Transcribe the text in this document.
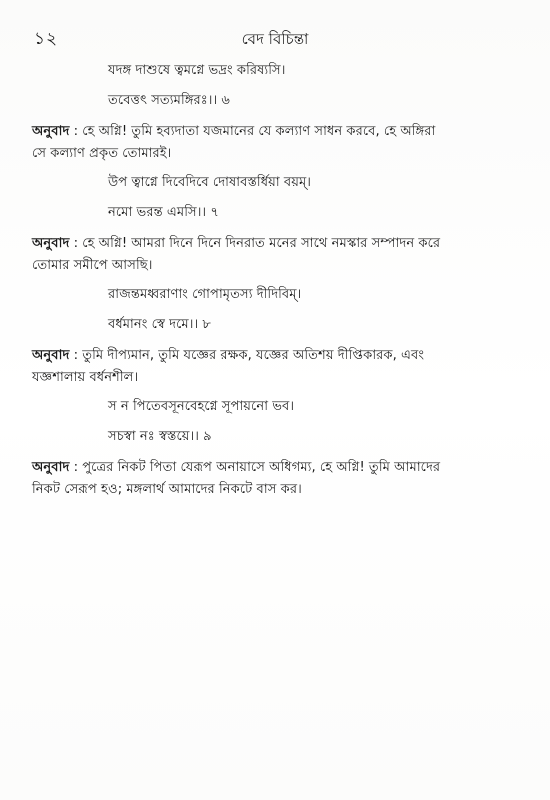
১২	বেদ বিচিন্তা
যদঙ্গ দাশুষে ত্বমগ্নে ভদ্রং করিষ্যসি।
তবেত্তৎ সত্যমঙ্গিরঃ।। ৬
অনুবাদ : হে অগ্নি! তুমি হব্যদাতা যজমানের যে কল্যাণ সাধন করবে, হে অঙ্গিরা
সে কল্যাণ প্রকৃত তোমারই।
উপ ত্বাগ্নে দিবেদিবে দোষাবস্তর্ধিয়া বয়ম্।
নমো ভরন্ত এমসি।। ৭
অনুবাদ : হে অগ্নি! আমরা দিনে দিনে দিনরাত মনের সাথে নমস্কার সম্পাদন করে
তোমার সমীপে আসছি।
রাজন্তমধ্বরাণাং গোপামৃতস্য দীদিবিম্।
বর্ধমানং স্বে দমে।। ৮
অনুবাদ : তুমি দীপ্যমান, তুমি যজ্ঞের রক্ষক, যজ্ঞের অতিশয় দীপ্তিকারক, এবং
যজ্ঞশালায় বর্ধনশীল।
স ন পিতেবসূনবেহগ্নে সূপায়নো ভব।
সচস্বা নঃ স্বস্তয়ে।। ৯
অনুবাদ : পুত্রের নিকট পিতা যেরূপ অনায়াসে অধিগম্য, হে অগ্নি! তুমি আমাদের
নিকট সেরূপ হও; মঙ্গলার্থ আমাদের নিকটে বাস কর।
